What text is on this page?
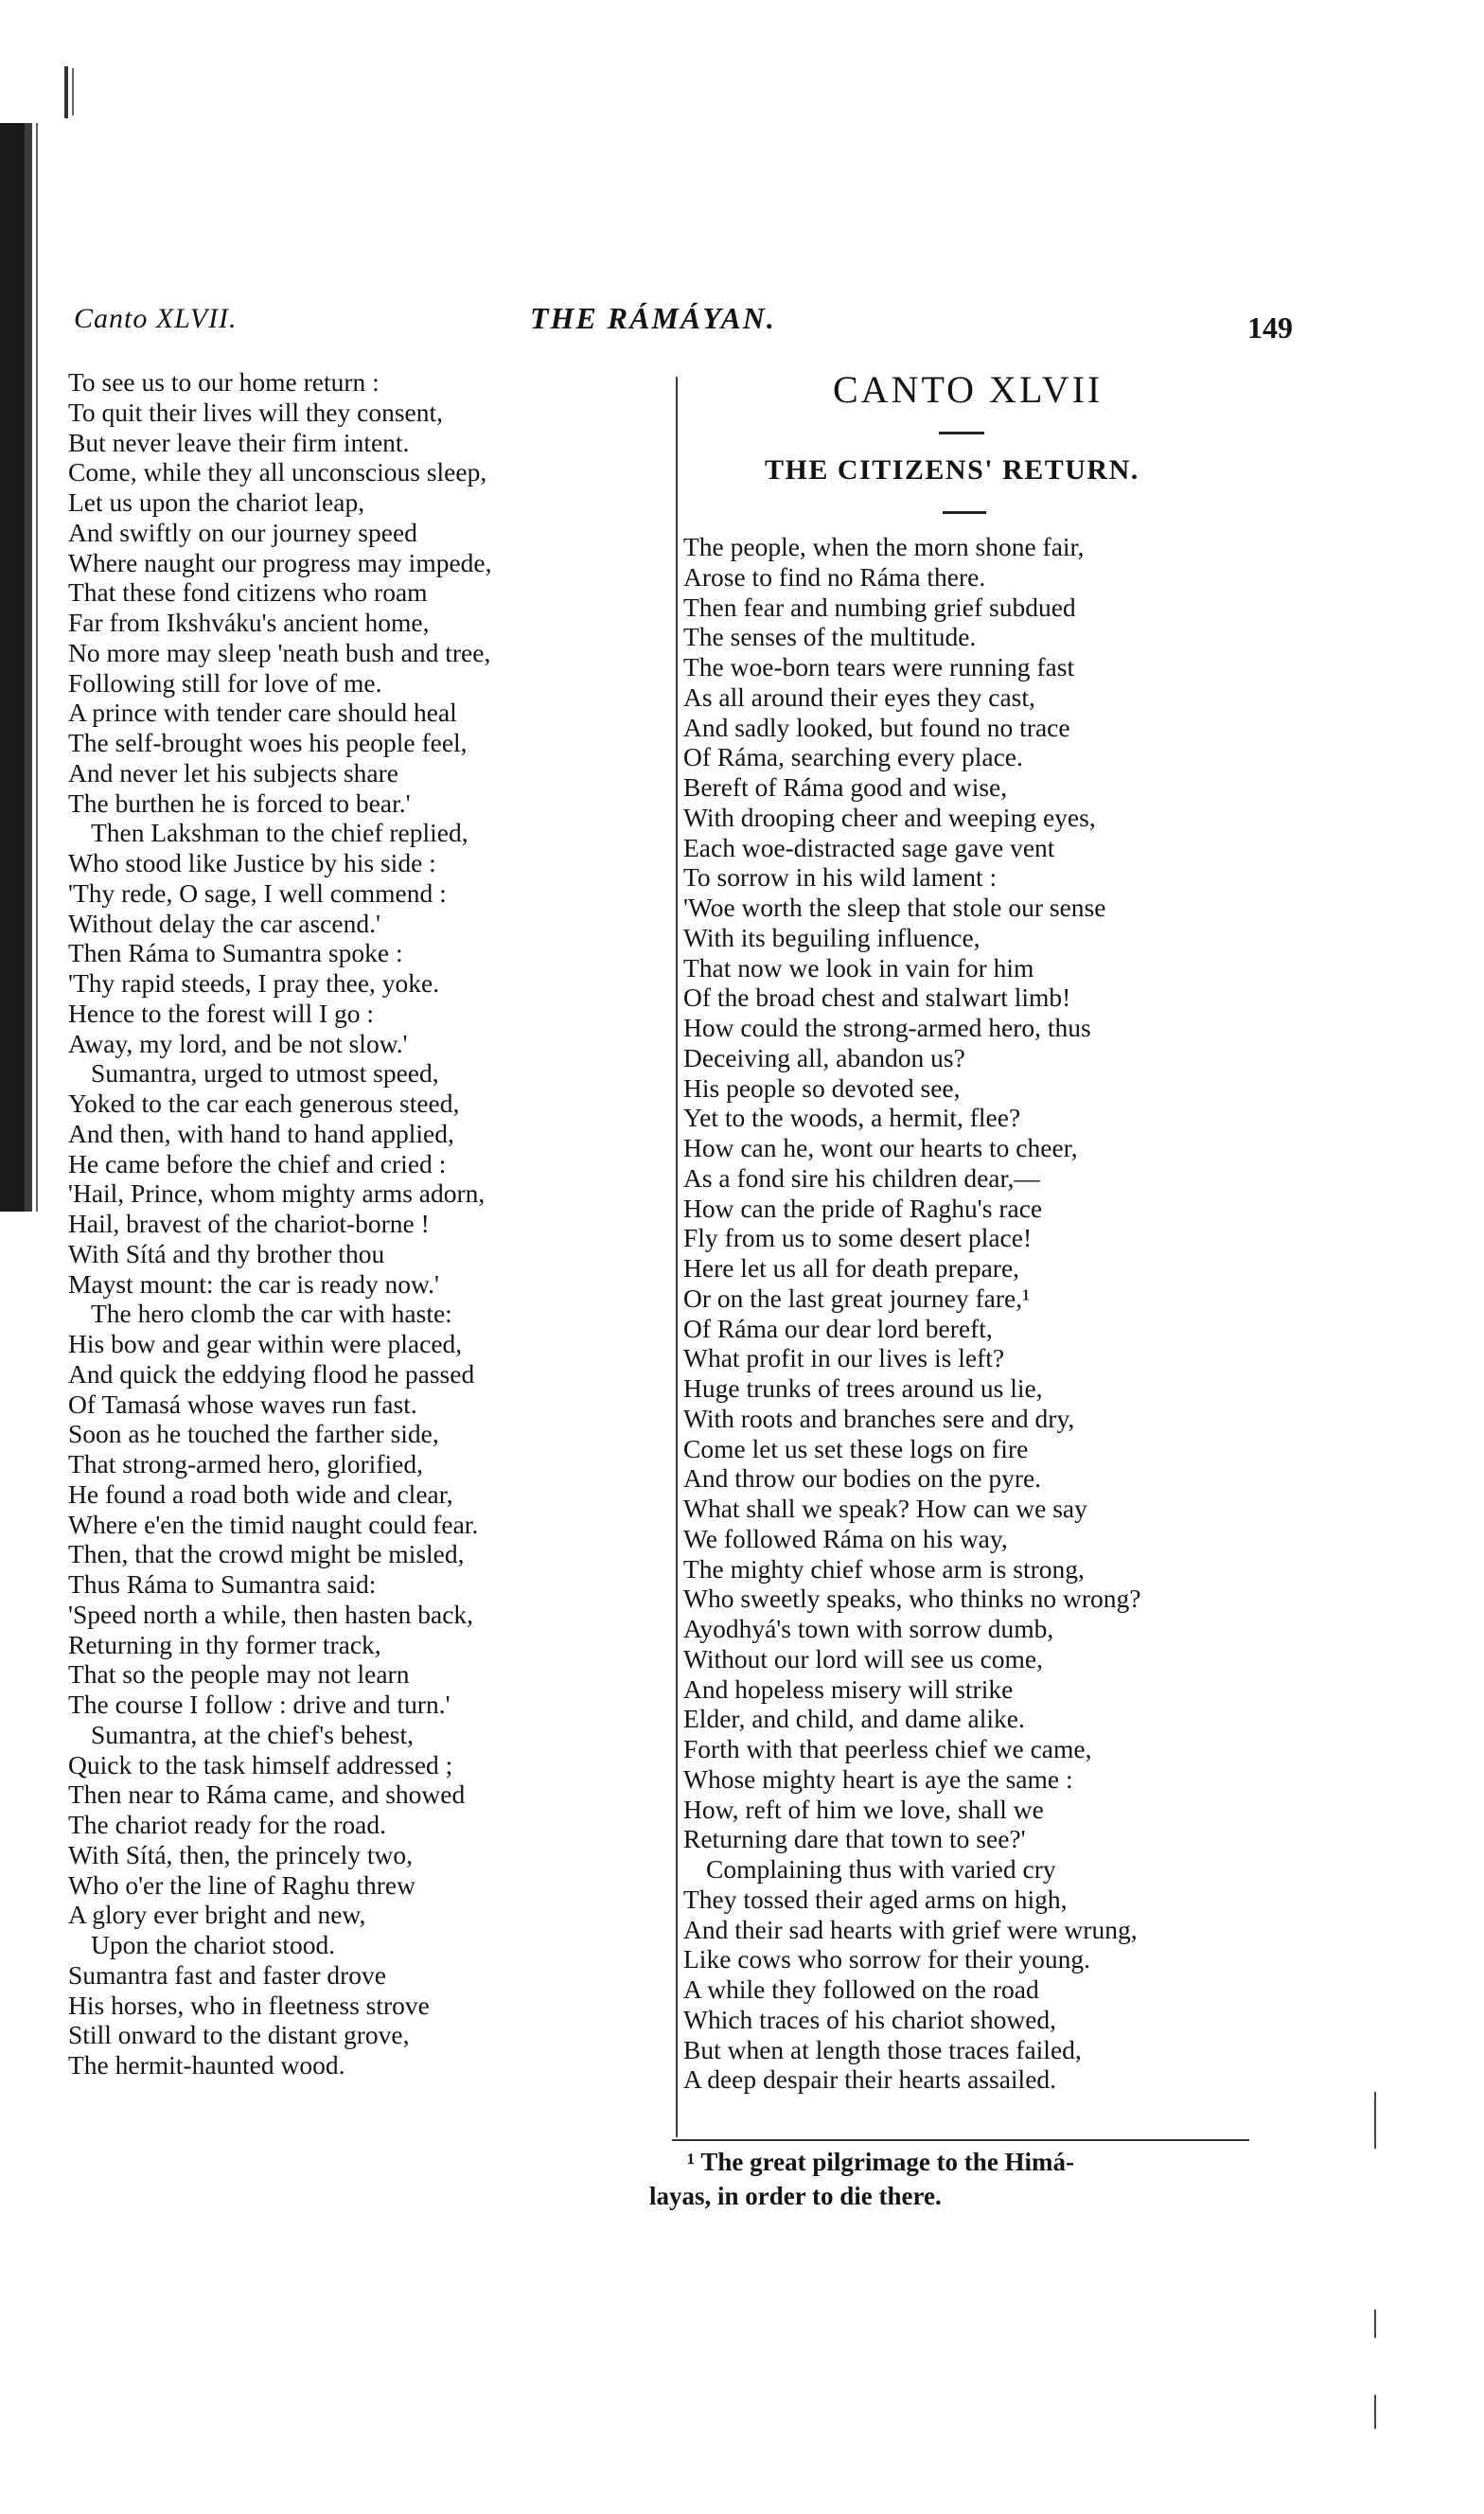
Canto XLVII.	THE RÁMÁYAN.	149
To see us to our home return :
To quit their lives will they consent,
But never leave their firm intent.
Come, while they all unconscious sleep,
Let us upon the chariot leap,
And swiftly on our journey speed
Where naught our progress may impede,
That these fond citizens who roam
Far from Ikshváku's ancient home,
No more may sleep 'neath bush and tree,
Following still for love of me.
A prince with tender care should heal
The self-brought woes his people feel,
And never let his subjects share
The burthen he is forced to bear.'
Then Lakshman to the chief replied,
Who stood like Justice by his side :
'Thy rede, O sage, I well commend :
Without delay the car ascend.'
Then Ráma to Sumantra spoke :
'Thy rapid steeds, I pray thee, yoke.
Hence to the forest will I go :
Away, my lord, and be not slow.'
Sumantra, urged to utmost speed,
Yoked to the car each generous steed,
And then, with hand to hand applied,
He came before the chief and cried :
'Hail, Prince, whom mighty arms adorn,
Hail, bravest of the chariot-borne !
With Sítá and thy brother thou
Mayst mount: the car is ready now.'
The hero clomb the car with haste:
His bow and gear within were placed,
And quick the eddying flood he passed
Of Tamasá whose waves run fast.
Soon as he touched the farther side,
That strong-armed hero, glorified,
He found a road both wide and clear,
Where e'en the timid naught could fear.
Then, that the crowd might be misled,
Thus Ráma to Sumantra said:
'Speed north a while, then hasten back,
Returning in thy former track,
That so the people may not learn
The course I follow : drive and turn.'
Sumantra, at the chief's behest,
Quick to the task himself addressed ;
Then near to Ráma came, and showed
The chariot ready for the road.
With Sítá, then, the princely two,
Who o'er the line of Raghu threw
A glory ever bright and new,
Upon the chariot stood.
Sumantra fast and faster drove
His horses, who in fleetness strove
Still onward to the distant grove,
The hermit-haunted wood.
CANTO XLVII
THE CITIZENS' RETURN.
The people, when the morn shone fair,
Arose to find no Ráma there.
Then fear and numbing grief subdued
The senses of the multitude.
The woe-born tears were running fast
As all around their eyes they cast,
And sadly looked, but found no trace
Of Ráma, searching every place.
Bereft of Ráma good and wise,
With drooping cheer and weeping eyes,
Each woe-distracted sage gave vent
To sorrow in his wild lament :
'Woe worth the sleep that stole our sense
With its beguiling influence,
That now we look in vain for him
Of the broad chest and stalwart limb!
How could the strong-armed hero, thus
Deceiving all, abandon us?
His people so devoted see,
Yet to the woods, a hermit, flee?
How can he, wont our hearts to cheer,
As a fond sire his children dear,—
How can the pride of Raghu's race
Fly from us to some desert place!
Here let us all for death prepare,
Or on the last great journey fare,¹
Of Ráma our dear lord bereft,
What profit in our lives is left?
Huge trunks of trees around us lie,
With roots and branches sere and dry,
Come let us set these logs on fire
And throw our bodies on the pyre.
What shall we speak? How can we say
We followed Ráma on his way,
The mighty chief whose arm is strong,
Who sweetly speaks, who thinks no wrong?
Ayodhyá's town with sorrow dumb,
Without our lord will see us come,
And hopeless misery will strike
Elder, and child, and dame alike.
Forth with that peerless chief we came,
Whose mighty heart is aye the same :
How, reft of him we love, shall we
Returning dare that town to see?'
Complaining thus with varied cry
They tossed their aged arms on high,
And their sad hearts with grief were wrung,
Like cows who sorrow for their young.
A while they followed on the road
Which traces of his chariot showed,
But when at length those traces failed,
A deep despair their hearts assailed.
¹ The great pilgrimage to the Himá-
layas, in order to die there.
